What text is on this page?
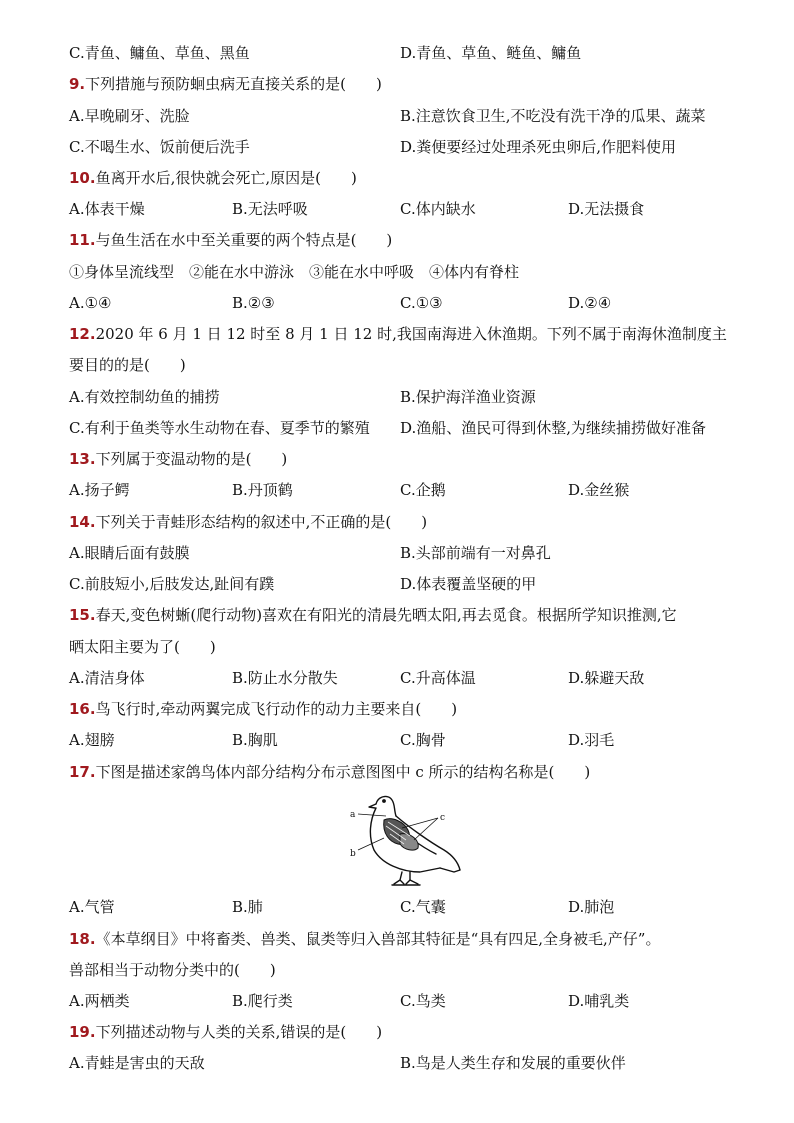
C.青鱼、鳙鱼、草鱼、黑鱼	D.青鱼、草鱼、鲢鱼、鳙鱼
9.下列措施与预防蛔虫病无直接关系的是(　　)
A.早晚刷牙、洗脸	B.注意饮食卫生,不吃没有洗干净的瓜果、蔬菜
C.不喝生水、饭前便后洗手	D.粪便要经过处理杀死虫卵后,作肥料使用
10.鱼离开水后,很快就会死亡,原因是(　　)
A.体表干燥	B.无法呼吸	C.体内缺水	D.无法摄食
11.与鱼生活在水中至关重要的两个特点是(　　)
①身体呈流线型　②能在水中游泳　③能在水中呼吸　④体内有脊柱
A.①④	B.②③	C.①③	D.②④
12.2020 年 6 月 1 日 12 时至 8 月 1 日 12 时,我国南海进入休渔期。下列不属于南海休渔制度主
要目的的是(　　)
A.有效控制幼鱼的捕捞	B.保护海洋渔业资源
C.有利于鱼类等水生动物在春、夏季节的繁殖 D.渔船、渔民可得到休整,为继续捕捞做好准备
13.下列属于变温动物的是(　　)
A.扬子鳄	B.丹顶鹤	C.企鹅	D.金丝猴
14.下列关于青蛙形态结构的叙述中,不正确的是(　　)
A.眼睛后面有鼓膜	B.头部前端有一对鼻孔
C.前肢短小,后肢发达,趾间有蹼	D.体表覆盖坚硬的甲
15.春天,变色树蜥(爬行动物)喜欢在有阳光的清晨先晒太阳,再去觅食。根据所学知识推测,它
晒太阳主要为了(　　)
A.清洁身体	B.防止水分散失	C.升高体温	D.躲避天敌
16.鸟飞行时,牵动两翼完成飞行动作的动力主要来自(　　)
A.翅膀	B.胸肌	C.胸骨	D.羽毛
17.下图是描述家鸽鸟体内部分结构分布示意图图中 c 所示的结构名称是(　　)
A.气管	B.肺	C.气囊	D.肺泡
18.《本草纲目》中将畜类、兽类、鼠类等归入兽部其特征是“具有四足,全身被毛,产仔”。
兽部相当于动物分类中的(　　)
A.两栖类	B.爬行类	C.鸟类	D.哺乳类
19.下列描述动物与人类的关系,错误的是(　　)
A.青蛙是害虫的天敌	B.鸟是人类生存和发展的重要伙伴
a
b
c
